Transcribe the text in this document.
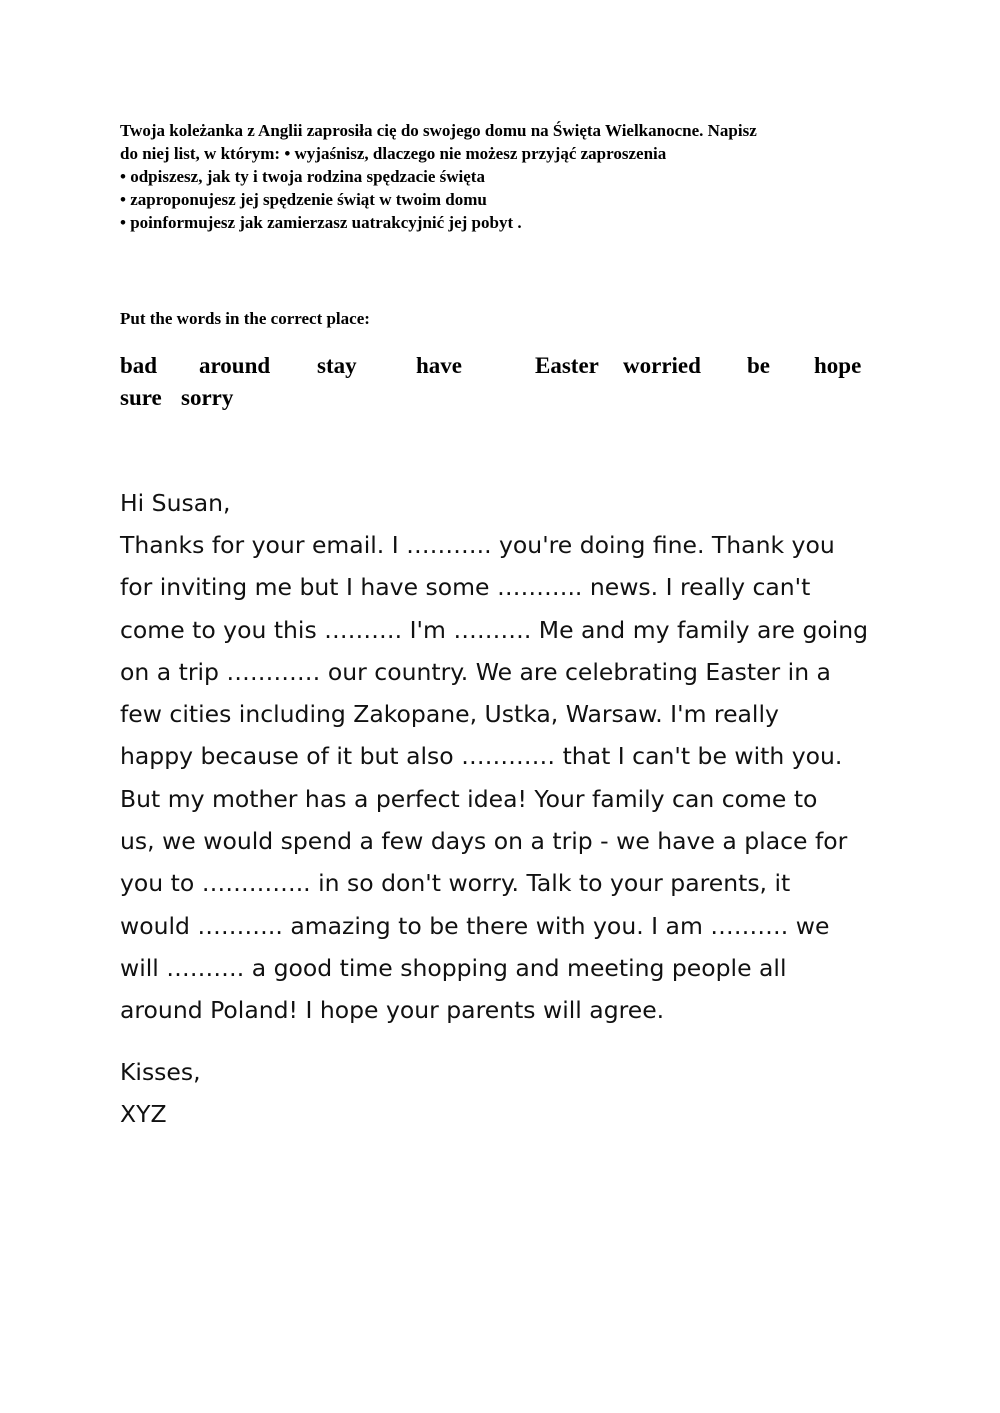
Twoja koleżanka z Anglii zaprosiła cię do swojego domu na Święta Wielkanocne. Napisz
do niej list, w którym: • wyjaśnisz, dlaczego nie możesz przyjąć zaproszenia
• odpiszesz, jak ty i twoja rodzina spędzacie święta
• zaproponujesz jej spędzenie świąt w twoim domu
• poinformujesz jak zamierzasz uatrakcyjnić jej pobyt .
Put the words in the correct place:
bad around stay	have	Easter worried be hope
sure sorry
Hi Susan,
Thanks for your email. I ……….. you're doing fine. Thank you
for inviting me but I have some ……….. news. I really can't
come to you this ………. I'm ………. Me and my family are going
on a trip ………… our country. We are celebrating Easter in a
few cities including Zakopane, Ustka, Warsaw. I'm really
happy because of it but also ………… that I can't be with you.
But my mother has a perfect idea! Your family can come to
us, we would spend a few days on a trip - we have a place for
you to ………….. in so don't worry. Talk to your parents, it
would ……….. amazing to be there with you. I am ………. we
will ………. a good time shopping and meeting people all
around Poland! I hope your parents will agree.
Kisses,
XYZ
